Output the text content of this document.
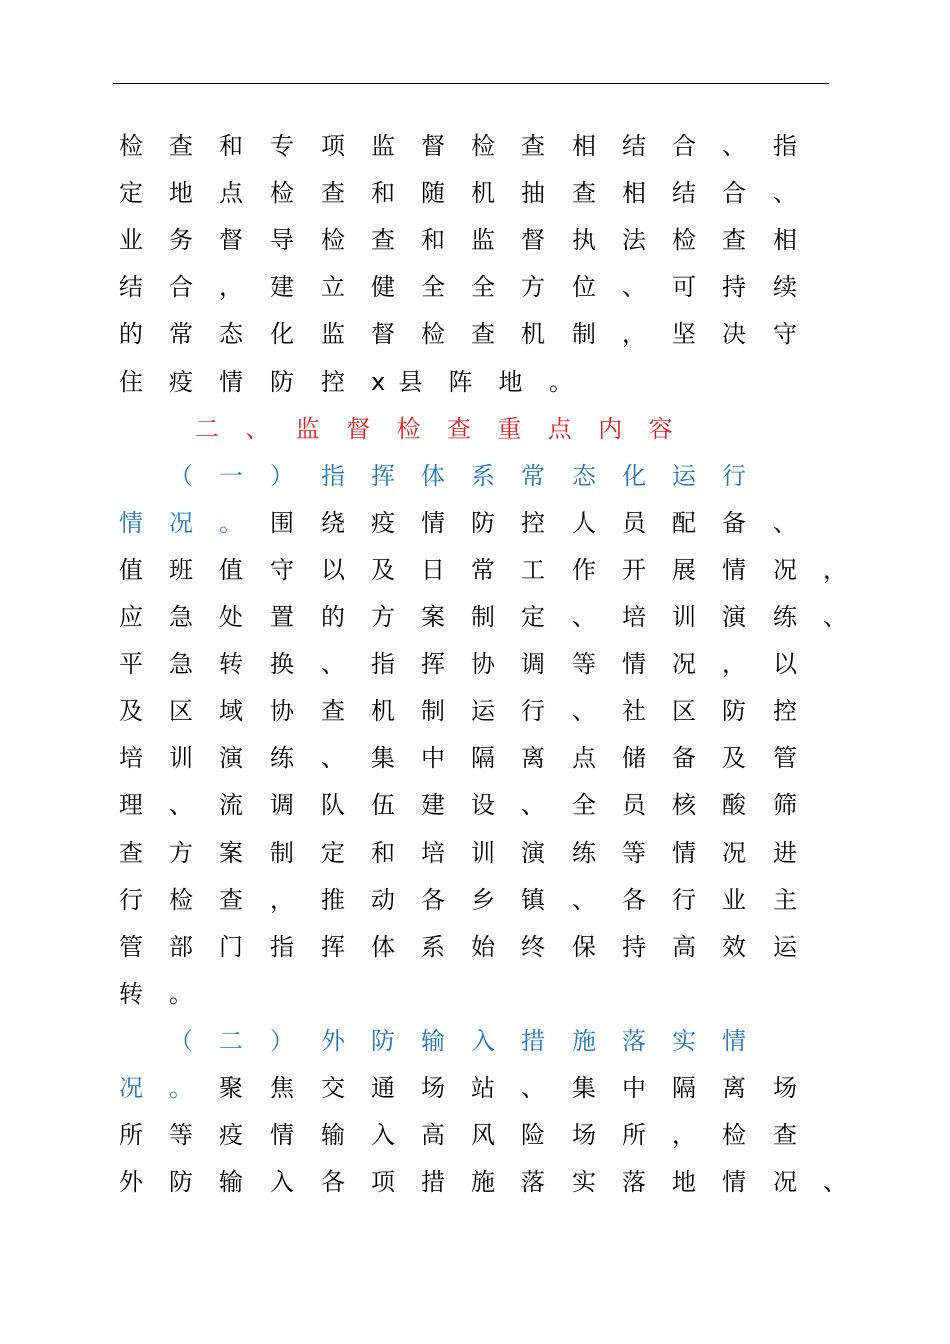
检 查 和 专 项 监 督 检 查 相 结 合 、 指
定 地 点 检 查 和 随 机 抽 查 相 结 合 、
业 务 督 导 检 查 和 监 督 执 法 检 查 相
结 合 ， 建 立 健 全 全 方 位 、 可 持 续
的 常 态 化 监 督 检 查 机 制 ， 坚 决 守
住 疫 情 防 控 x 县 阵 地 。
二 、 监 督 检 查 重 点 内 容
（ 一 ） 指 挥 体 系 常 态 化 运 行
情 况 。 围 绕 疫 情 防 控 人 员 配 备 、
值 班 值 守 以 及 日 常 工 作 开 展 情 况 ，
应 急 处 置 的 方 案 制 定 、 培 训 演 练 、
平 急 转 换 、 指 挥 协 调 等 情 况 ， 以
及 区 域 协 查 机 制 运 行 、 社 区 防 控
培 训 演 练 、 集 中 隔 离 点 储 备 及 管
理 、 流 调 队 伍 建 设 、 全 员 核 酸 筛
查 方 案 制 定 和 培 训 演 练 等 情 况 进
行 检 查 ， 推 动 各 乡 镇 、 各 行 业 主
管 部 门 指 挥 体 系 始 终 保 持 高 效 运
转 。
（ 二 ） 外 防 输 入 措 施 落 实 情
况 。 聚 焦 交 通 场 站 、 集 中 隔 离 场
所 等 疫 情 输 入 高 风 险 场 所 ， 检 查
外 防 输 入 各 项 措 施 落 实 落 地 情 况 、
